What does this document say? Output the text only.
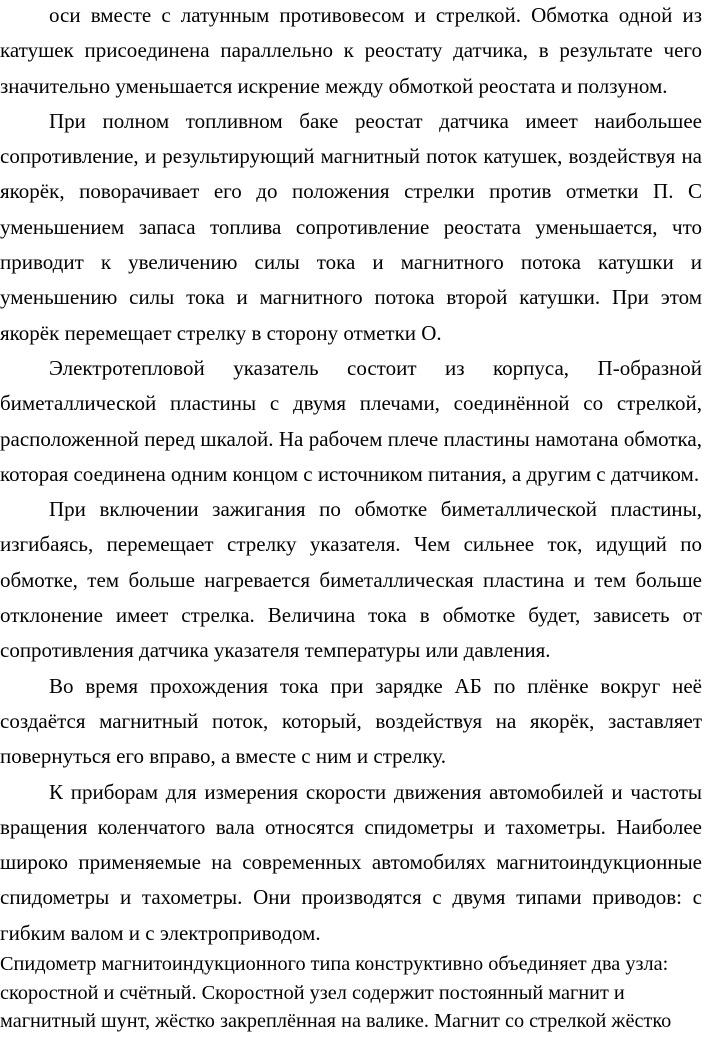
оси вместе с латунным противовесом и стрелкой. Обмотка одной из катушек присоединена параллельно к реостату датчика, в результате чего значительно уменьшается искрение между обмоткой реостата и ползуном.

При полном топливном баке реостат датчика имеет наибольшее сопротивление, и результирующий магнитный поток катушек, воздействуя на якорёк, поворачивает его до положения стрелки против отметки П. С уменьшением запаса топлива сопротивление реостата уменьшается, что приводит к увеличению силы тока и магнитного потока катушки и уменьшению силы тока и магнитного потока второй катушки. При этом якорёк перемещает стрелку в сторону отметки О.

Электротепловой указатель состоит из корпуса, П-образной биметаллической пластины с двумя плечами, соединённой со стрелкой, расположенной перед шкалой. На рабочем плече пластины намотана обмотка, которая соединена одним концом с источником питания, а другим с датчиком.

При включении зажигания по обмотке биметаллической пластины, изгибаясь, перемещает стрелку указателя. Чем сильнее ток, идущий по обмотке, тем больше нагревается биметаллическая пластина и тем больше отклонение имеет стрелка. Величина тока в обмотке будет, зависеть от сопротивления датчика указателя температуры или давления.

Во время прохождения тока при зарядке АБ по плёнке вокруг неё создаётся магнитный поток, который, воздействуя на якорёк, заставляет повернуться его вправо, а вместе с ним и стрелку.

К приборам для измерения скорости движения автомобилей и частоты вращения коленчатого вала относятся спидометры и тахометры. Наиболее широко применяемые на современных автомобилях магнитоиндукционные спидометры и тахометры. Они производятся с двумя типами приводов: с гибким валом и с электроприводом.

Спидометр магнитоиндукционного типа конструктивно объединяет два узла: скоростной и счётный. Скоростной узел содержит постоянный магнит и магнитный шунт, жёстко закреплённая на валике. Магнит со стрелкой жёстко
